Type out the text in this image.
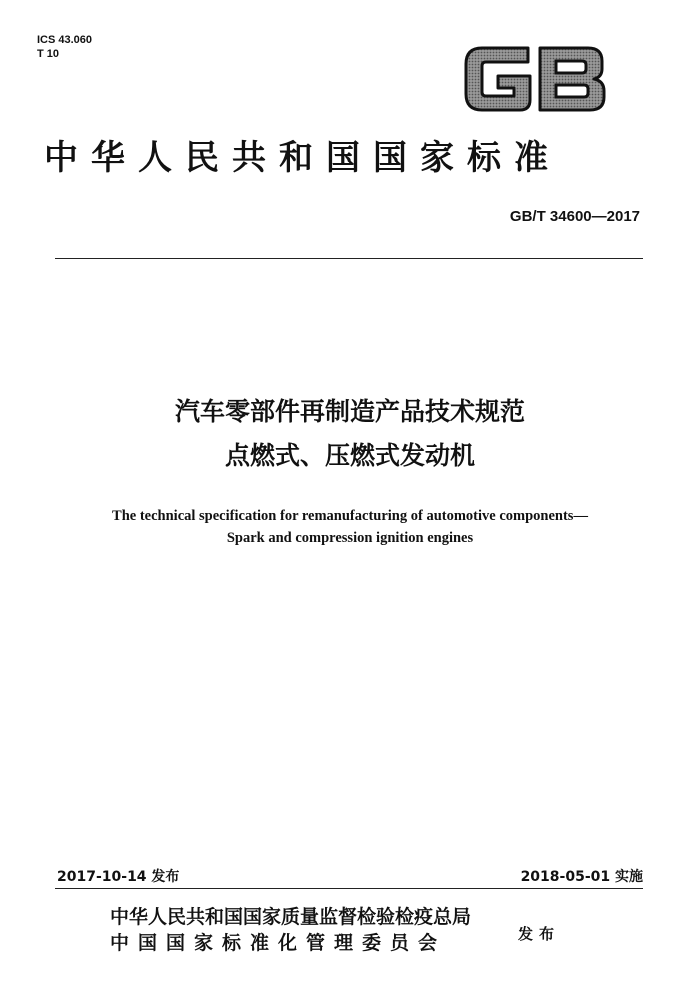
ICS 43.060
T 10
中华人民共和国国家标准
GB/T 34600—2017
汽车零部件再制造产品技术规范
点燃式、压燃式发动机
The technical specification for remanufacturing of automotive components—
Spark and compression ignition engines
2017-10-14 发布	2018-05-01 实施
中华人民共和国国家质量监督检验检疫总局
中国国家标准化管理委员会	发布
